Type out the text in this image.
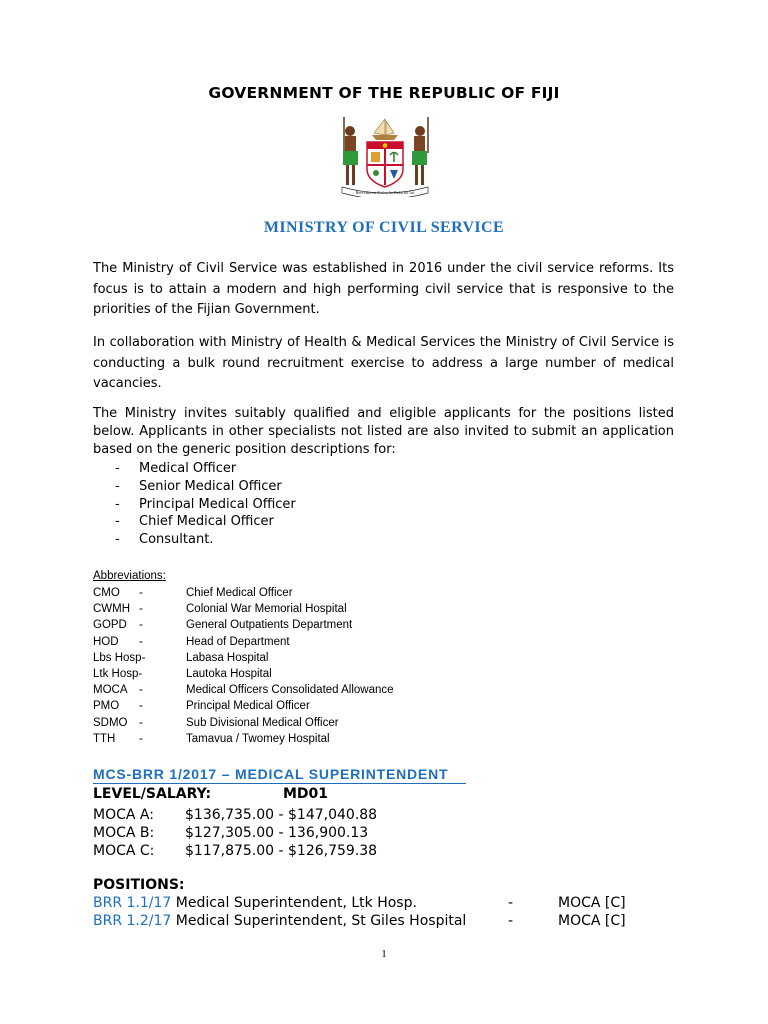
GOVERNMENT OF THE REPUBLIC OF FIJI
Rerevaka na Kalou ka Doka na Tui
MINISTRY OF CIVIL SERVICE

The Ministry of Civil Service was established in 2016 under the civil service reforms. Its focus is to attain a modern and high performing civil service that is responsive to the priorities of the Fijian Government.

In collaboration with Ministry of Health & Medical Services the Ministry of Civil Service is conducting a bulk round recruitment exercise to address a large number of medical vacancies.

The Ministry invites suitably qualified and eligible applicants for the positions listed below. Applicants in other specialists not listed are also invited to submit an application based on the generic position descriptions for:

-	Medical Officer
-	Senior Medical Officer
-	Principal Medical Officer
-	Chief Medical Officer
-	Consultant.
Abbreviations:
CMO -	Chief Medical Officer
CWMH -	Colonial War Memorial Hospital
GOPD -	General Outpatients Department
HOD -	Head of Department
Lbs Hosp-	Labasa Hospital
Ltk Hosp-	Lautoka Hospital
MOCA -	Medical Officers Consolidated Allowance
PMO -	Principal Medical Officer
SDMO -	Sub Divisional Medical Officer
TTH -	Tamavua / Twomey Hospital
MCS-BRR 1/2017 – MEDICAL SUPERINTENDENT
LEVEL/SALARY:	MD01
MOCA A: $136,735.00 - $147,040.88
MOCA B: $127,305.00 - 136,900.13
MOCA C: $117,875.00 - $126,759.38
POSITIONS:
BRR 1.1/17 Medical Superintendent, Ltk Hosp.	-	MOCA [C]
BRR 1.2/17 Medical Superintendent, St Giles Hospital	-	MOCA [C]
1
